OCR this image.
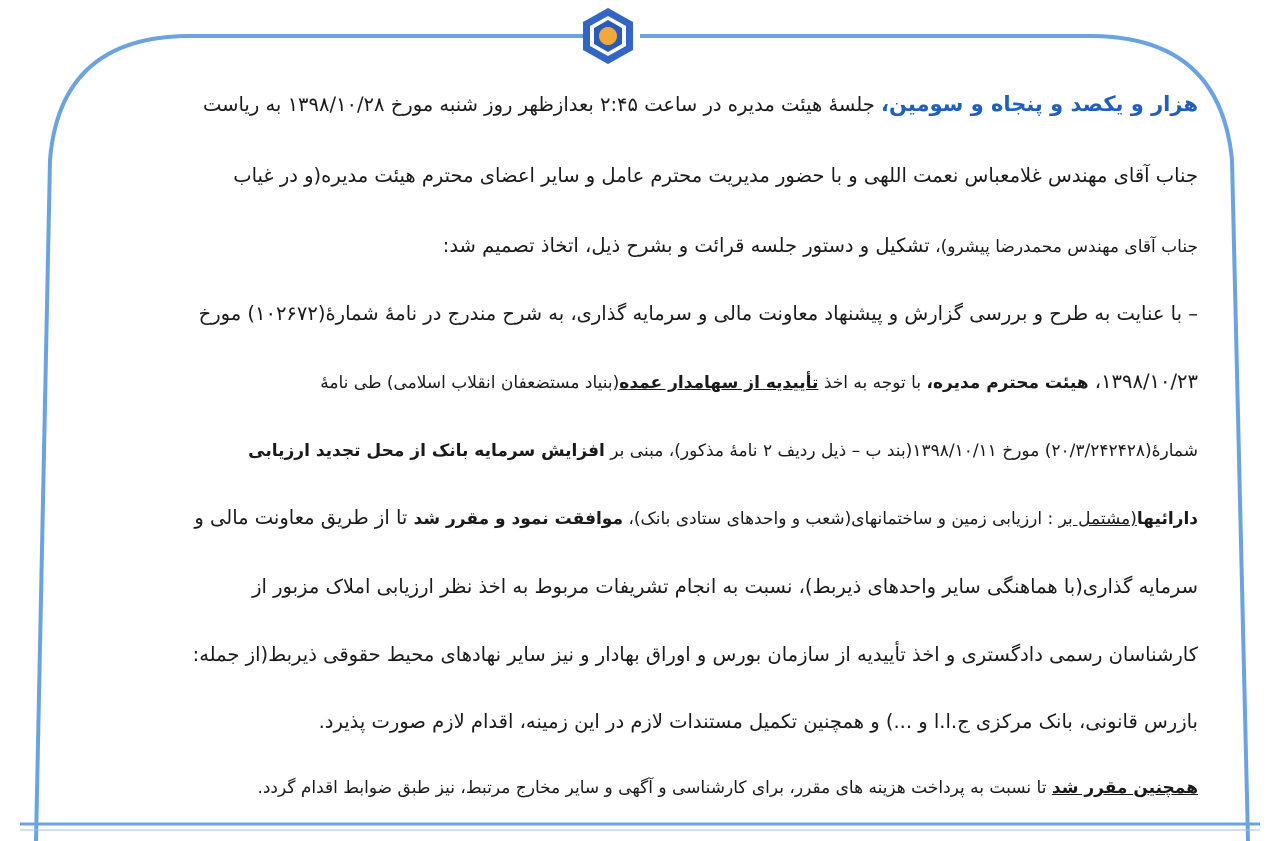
هزار و یکصد و پنجاه و سومین، جلسهٔ هیئت مدیره در ساعت ۲:۴۵ بعدازظهر روز شنبه مورخ ۱۳۹۸/۱۰/۲۸ به ریاست

جناب آقای مهندس غلامعباس نعمت اللهی و با حضور مدیریت محترم عامل و سایر اعضای محترم هیئت مدیره(و در غیاب

جناب آقای مهندس محمدرضا پیشرو)، تشکیل و دستور جلسه قرائت و بشرح ذیل، اتخاذ تصمیم شد:

– با عنایت به طرح و بررسی گزارش و پیشنهاد معاونت مالی و سرمایه گذاری، به شرح مندرج در نامهٔ شمارهٔ(۱۰۲۶۷۲) مورخ

۱۳۹۸/۱۰/۲۳، هیئت محترم مدیره، با توجه به اخذ تأییدیه از سهامدار عمده(بنیاد مستضعفان انقلاب اسلامی) طی نامهٔ

شمارهٔ(۲۰/۳/۲۴۲۴۲۸) مورخ ۱۳۹۸/۱۰/۱۱(بند ب – ذیل ردیف ۲ نامهٔ مذکور)، مبنی بر افزایش سرمایه بانک از محل تجدید ارزیابی

دارائیها(مشتمل بر : ارزیابی زمین و ساختمانهای(شعب و واحدهای ستادی بانک)، موافقت نمود و مقرر شد تا از طریق معاونت مالی و

سرمایه گذاری(با هماهنگی سایر واحدهای ذیربط)، نسبت به انجام تشریفات مربوط به اخذ نظر ارزیابی املاک مزبور از

کارشناسان رسمی دادگستری و اخذ تأییدیه از سازمان بورس و اوراق بهادار و نیز سایر نهادهای محیط حقوقی ذیربط(از جمله:

بازرس قانونی، بانک مرکزی ج.ا.ا و ...) و همچنین تکمیل مستندات لازم در این زمینه، اقدام لازم صورت پذیرد.

همچنین مقرر شد تا نسبت به پرداخت هزینه های مقرر، برای کارشناسی و آگهی و سایر مخارج مرتبط، نیز طبق ضوابط اقدام گردد.
